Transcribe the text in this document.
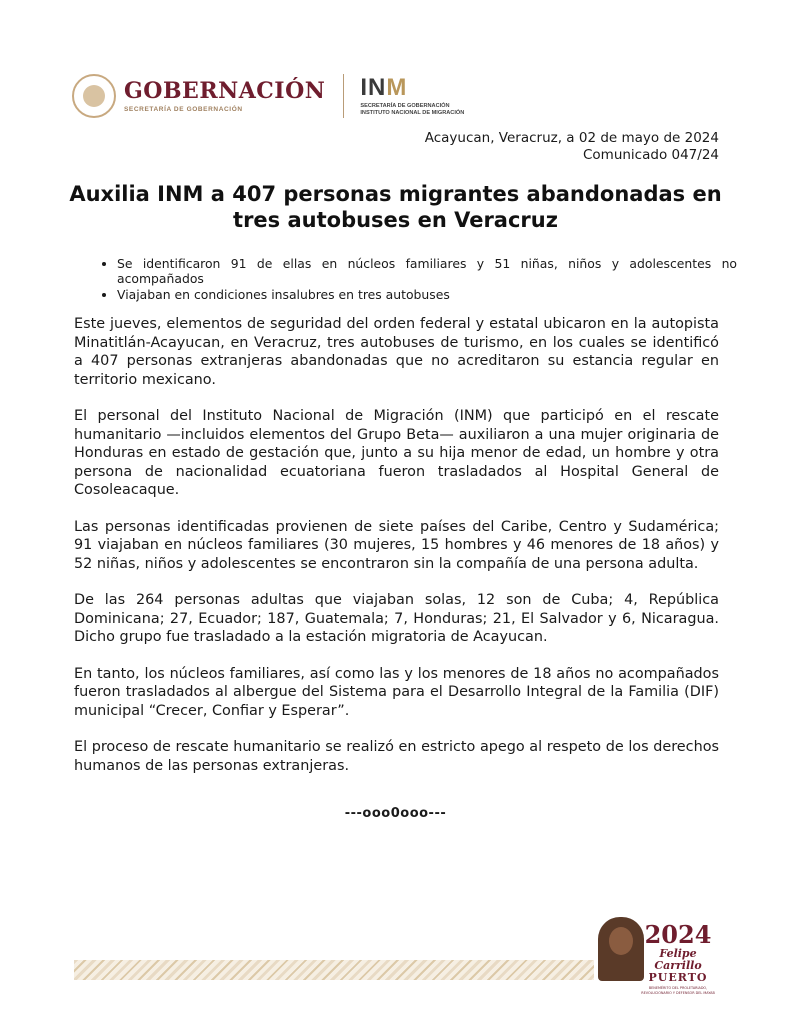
GOBERNACIÓN
SECRETARÍA DE GOBERNACIÓN
INM
SECRETARÍA DE GOBERNACIÓN
INSTITUTO NACIONAL DE MIGRACIÓN
Acayucan, Veracruz, a 02 de mayo de 2024
Comunicado 047/24
Auxilia INM a 407 personas migrantes abandonadas en tres autobuses en Veracruz
• Se identificaron 91 de ellas en núcleos familiares y 51 niñas, niños y adolescentes no acompañados
• Viajaban en condiciones insalubres en tres autobuses

Este jueves, elementos de seguridad del orden federal y estatal ubicaron en la autopista Minatitlán-Acayucan, en Veracruz, tres autobuses de turismo, en los cuales se identificó a 407 personas extranjeras abandonadas que no acreditaron su estancia regular en territorio mexicano.

El personal del Instituto Nacional de Migración (INM) que participó en el rescate humanitario —incluidos elementos del Grupo Beta— auxiliaron a una mujer originaria de Honduras en estado de gestación que, junto a su hija menor de edad, un hombre y otra persona de nacionalidad ecuatoriana fueron trasladados al Hospital General de Cosoleacaque.

Las personas identificadas provienen de siete países del Caribe, Centro y Sudamérica; 91 viajaban en núcleos familiares (30 mujeres, 15 hombres y 46 menores de 18 años) y 52 niñas, niños y adolescentes se encontraron sin la compañía de una persona adulta.

De las 264 personas adultas que viajaban solas, 12 son de Cuba; 4, República Dominicana; 27, Ecuador; 187, Guatemala; 7, Honduras; 21, El Salvador y 6, Nicaragua. Dicho grupo fue trasladado a la estación migratoria de Acayucan.

En tanto, los núcleos familiares, así como las y los menores de 18 años no acompañados fueron trasladados al albergue del Sistema para el Desarrollo Integral de la Familia (DIF) municipal “Crecer, Confiar y Esperar”.

El proceso de rescate humanitario se realizó en estricto apego al respeto de los derechos humanos de las personas extranjeras.

---ooo0ooo---
2024
Felipe Carrillo
PUERTO
BENEMÉRITO DEL PROLETARIADO, REVOLUCIONARIO Y DEFENSOR DEL MAYAB
